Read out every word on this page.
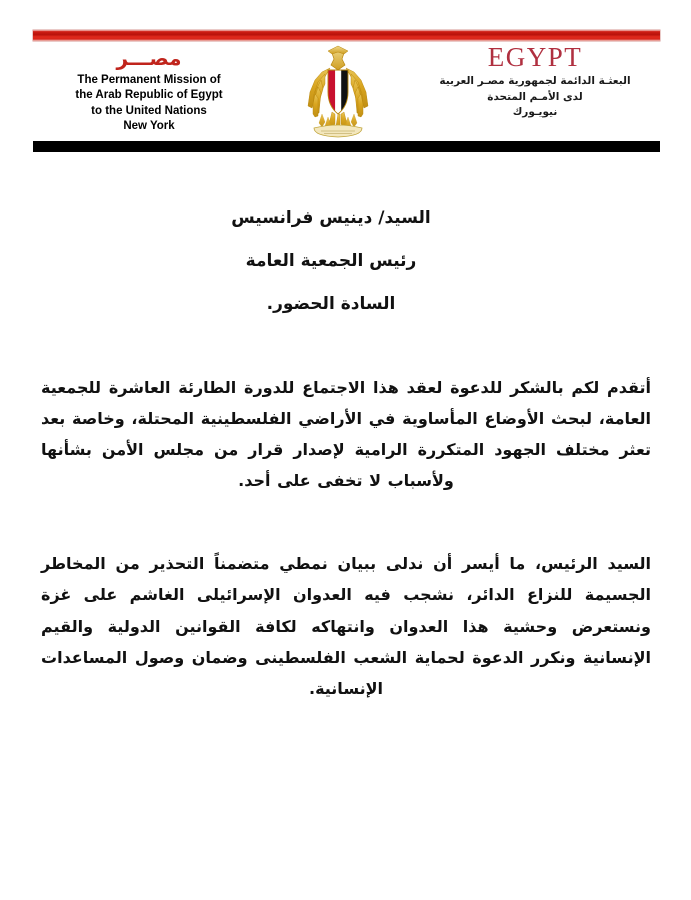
مصـــر
The Permanent Mission of
the Arab Republic of Egypt
to the United Nations
New York
EGYPT
البعثـة الدائمة لجمهورية مصـر العربية
لدى الأمـم المتحدة
نيويـورك
السيد/ دينيس فرانسيس
رئيس الجمعية العامة
السادة الحضور.

أتقدم لكم بالشكر للدعوة لعقد هذا الاجتماع للدورة الطارئة العاشرة للجمعية العامة، لبحث الأوضاع المأساوية في الأراضي الفلسطينية المحتلة، وخاصة بعد تعثر مختلف الجهود المتكررة الرامية لإصدار قرار من مجلس الأمن بشأنها ولأسباب لا تخفى على أحد.

السيد الرئيس، ما أيسر أن ندلى ببيان نمطي متضمناً التحذير من المخاطر الجسيمة للنزاع الدائر، نشجب فيه العدوان الإسرائيلى الغاشم على غزة ونستعرض وحشية هذا العدوان وانتهاكه لكافة القوانين الدولية والقيم الإنسانية ونكرر الدعوة لحماية الشعب الفلسطينى وضمان وصول المساعدات الإنسانية.
